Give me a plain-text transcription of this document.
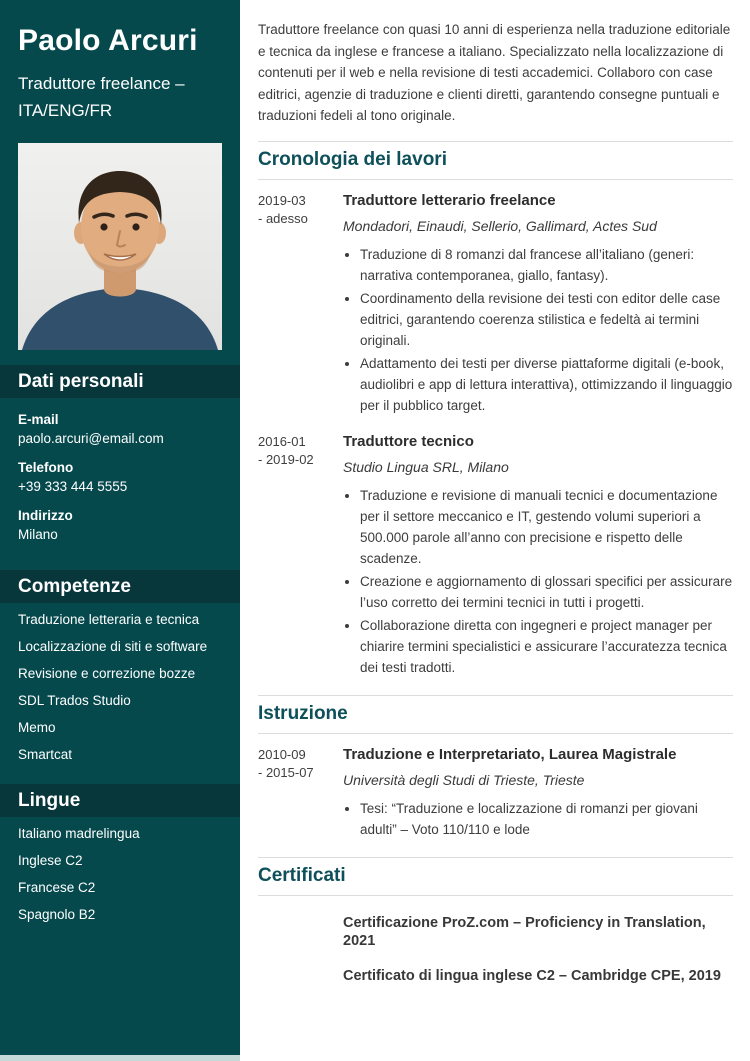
Paolo Arcuri
Traduttore freelance – ITA/ENG/FR
Dati personali
E-mail
paolo.arcuri@email.com
Telefono
+39 333 444 5555
Indirizzo
Milano
Competenze
Traduzione letteraria e tecnica
Localizzazione di siti e software
Revisione e correzione bozze
SDL Trados Studio
Memo
Smartcat
Lingue
Italiano madrelingua
Inglese C2
Francese C2
Spagnolo B2

Traduttore freelance con quasi 10 anni di esperienza nella traduzione editoriale e tecnica da inglese e francese a italiano. Specializzato nella localizzazione di contenuti per il web e nella revisione di testi accademici. Collaboro con case editrici, agenzie di traduzione e clienti diretti, garantendo consegne puntuali e traduzioni fedeli al tono originale.

Cronologia dei lavori
2019-03
- adesso
Traduttore letterario freelance
Mondadori, Einaudi, Sellerio, Gallimard, Actes Sud
• Traduzione di 8 romanzi dal francese all’italiano (generi: narrativa contemporanea, giallo, fantasy).
• Coordinamento della revisione dei testi con editor delle case editrici, garantendo coerenza stilistica e fedeltà ai termini originali.
• Adattamento dei testi per diverse piattaforme digitali (e-book, audiolibri e app di lettura interattiva), ottimizzando il linguaggio per il pubblico target.
2016-01
- 2019-02
Traduttore tecnico
Studio Lingua SRL, Milano
• Traduzione e revisione di manuali tecnici e documentazione per il settore meccanico e IT, gestendo volumi superiori a 500.000 parole all’anno con precisione e rispetto delle scadenze.
• Creazione e aggiornamento di glossari specifici per assicurare l’uso corretto dei termini tecnici in tutti i progetti.
• Collaborazione diretta con ingegneri e project manager per chiarire termini specialistici e assicurare l’accuratezza tecnica dei testi tradotti.
Istruzione
2010-09
- 2015-07
Traduzione e Interpretariato, Laurea Magistrale
Università degli Studi di Trieste, Trieste
• Tesi: “Traduzione e localizzazione di romanzi per giovani adulti” – Voto 110/110 e lode
Certificati
Certificazione ProZ.com – Proficiency in Translation, 2021
Certificato di lingua inglese C2 – Cambridge CPE, 2019
